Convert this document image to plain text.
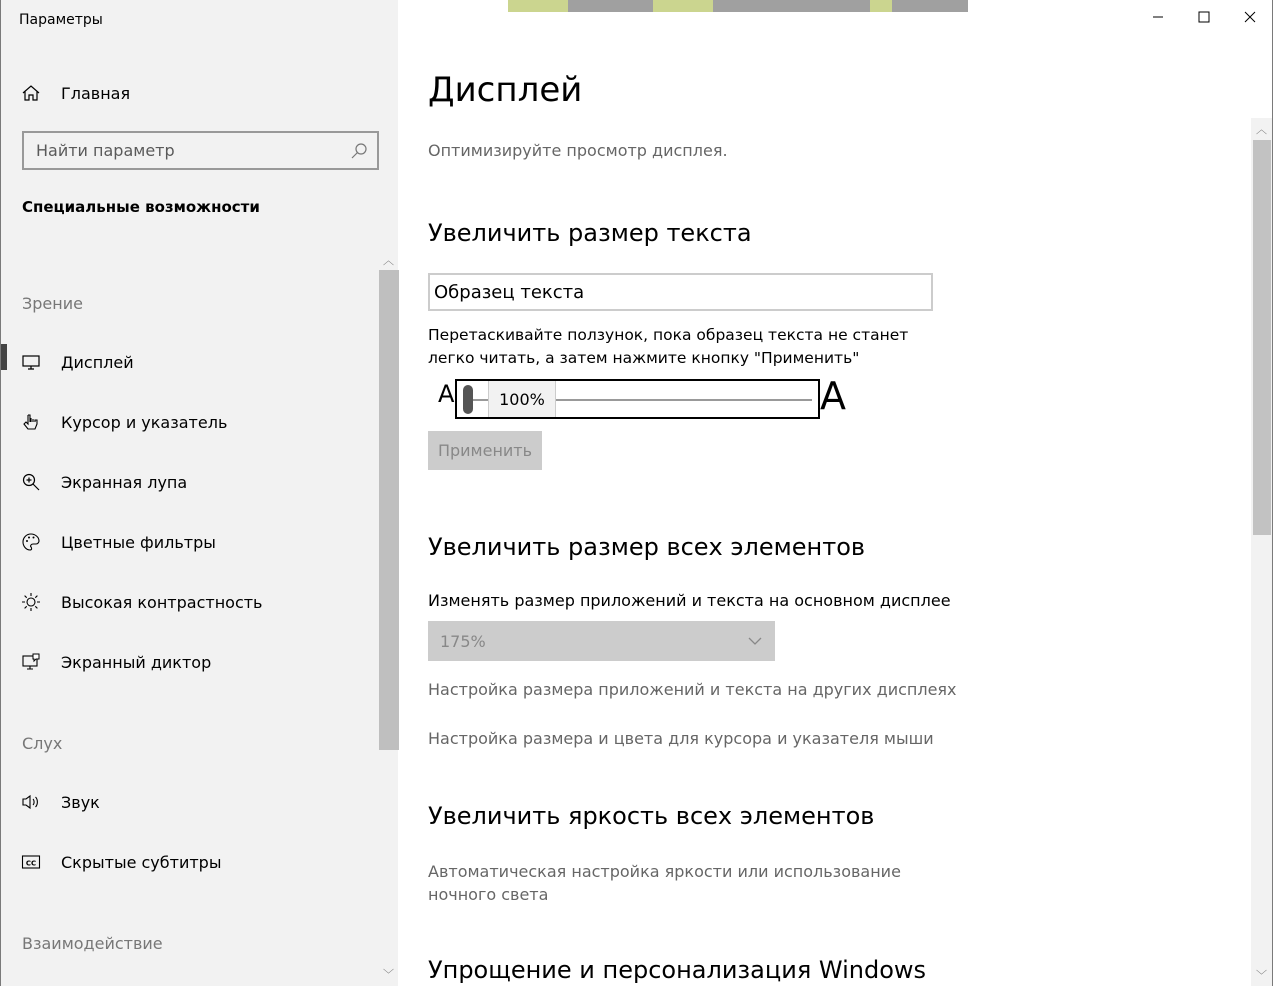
Параметры
Главная
Найти параметр
Специальные возможности
Зрение
Дисплей
Курсор и указатель
Экранная лупа
Цветные фильтры
Высокая контрастность
Экранный диктор
Слух
Звук
CC Скрытые субтитры
Взаимодействие
︿
﹀
Дисплей
Оптимизируйте просмотр дисплея.
Увеличить размер текста
Образец текста
Перетаскивайте ползунок, пока образец текста не станет легко читать, а затем нажмите кнопку "Применить"
A	100%	A
Применить
Увеличить размер всех элементов
Изменять размер приложений и текста на основном дисплее
175%
Настройка размера приложений и текста на других дисплеях
Настройка размера и цвета для курсора и указателя мыши
Увеличить яркость всех элементов
Автоматическая настройка яркости или использование ночного света
Упрощение и персонализация Windows
︿
﹀
